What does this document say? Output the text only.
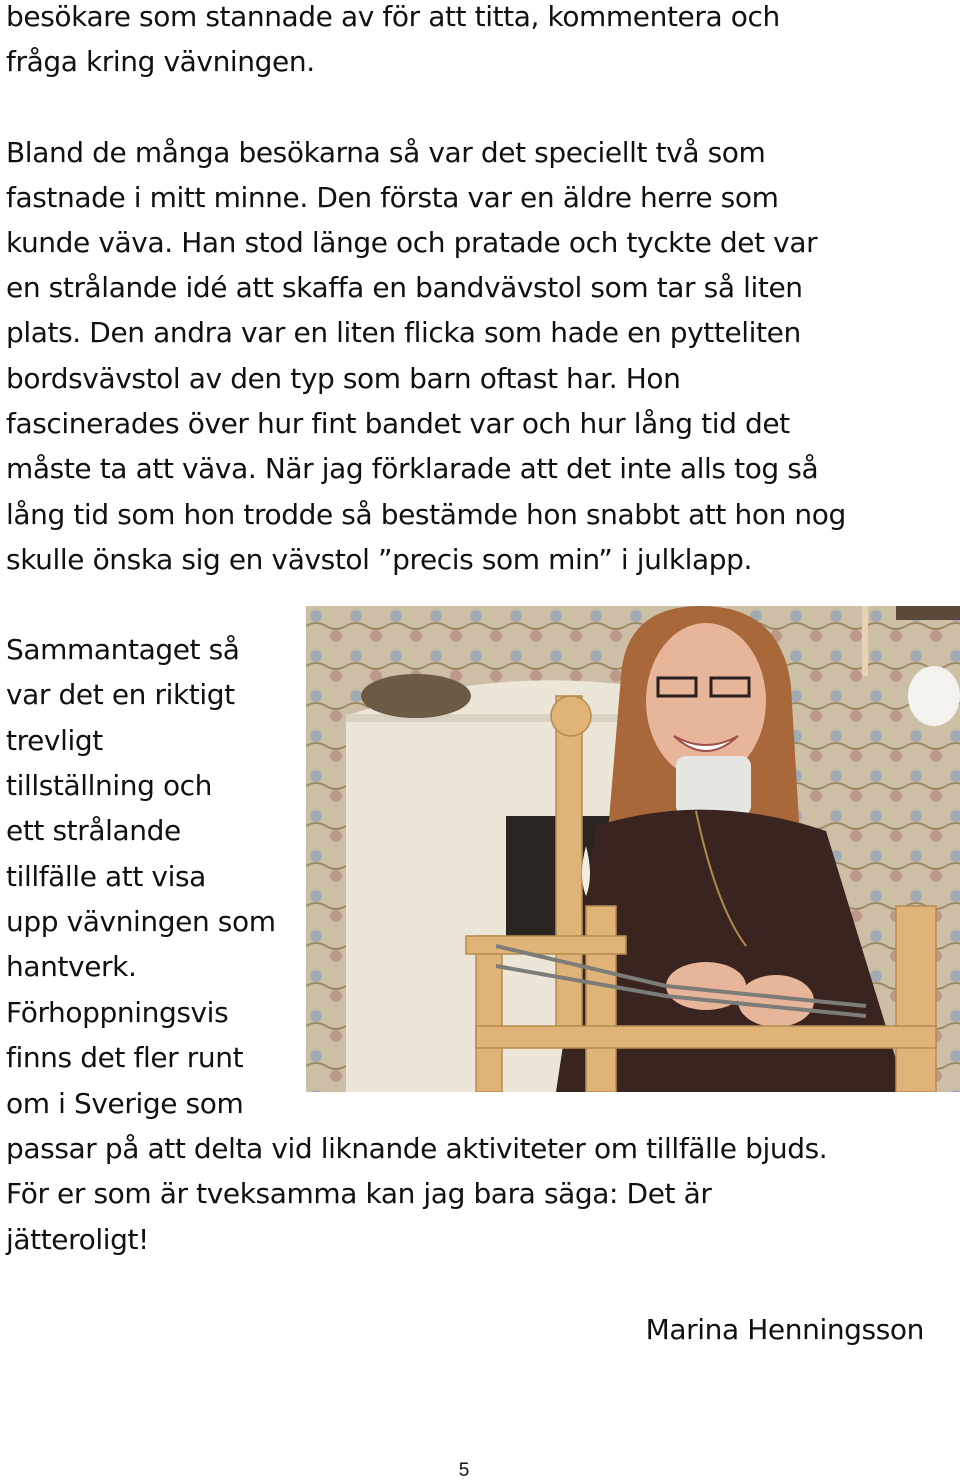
besökare som stannade av för att titta, kommentera och

fråga kring vävningen.

Bland de många besökarna så var det speciellt två som

fastnade i mitt minne. Den första var en äldre herre som

kunde väva. Han stod länge och pratade och tyckte det var

en strålande idé att skaffa en bandvävstol som tar så liten

plats. Den andra var en liten flicka som hade en pytteliten

bordsvävstol av den typ som barn oftast har. Hon

fascinerades över hur fint bandet var och hur lång tid det

måste ta att väva. När jag förklarade att det inte alls tog så

lång tid som hon trodde så bestämde hon snabbt att hon nog

skulle önska sig en vävstol ”precis som min” i julklapp.

Sammantaget så

var det en riktigt

trevligt

tillställning och

ett strålande

tillfälle att visa

upp vävningen som

hantverk.

Förhoppningsvis

finns det fler runt

om i Sverige som

passar på att delta vid liknande aktiviteter om tillfälle bjuds.

För er som är tveksamma kan jag bara säga: Det är

jätteroligt!

Marina Henningsson

5
